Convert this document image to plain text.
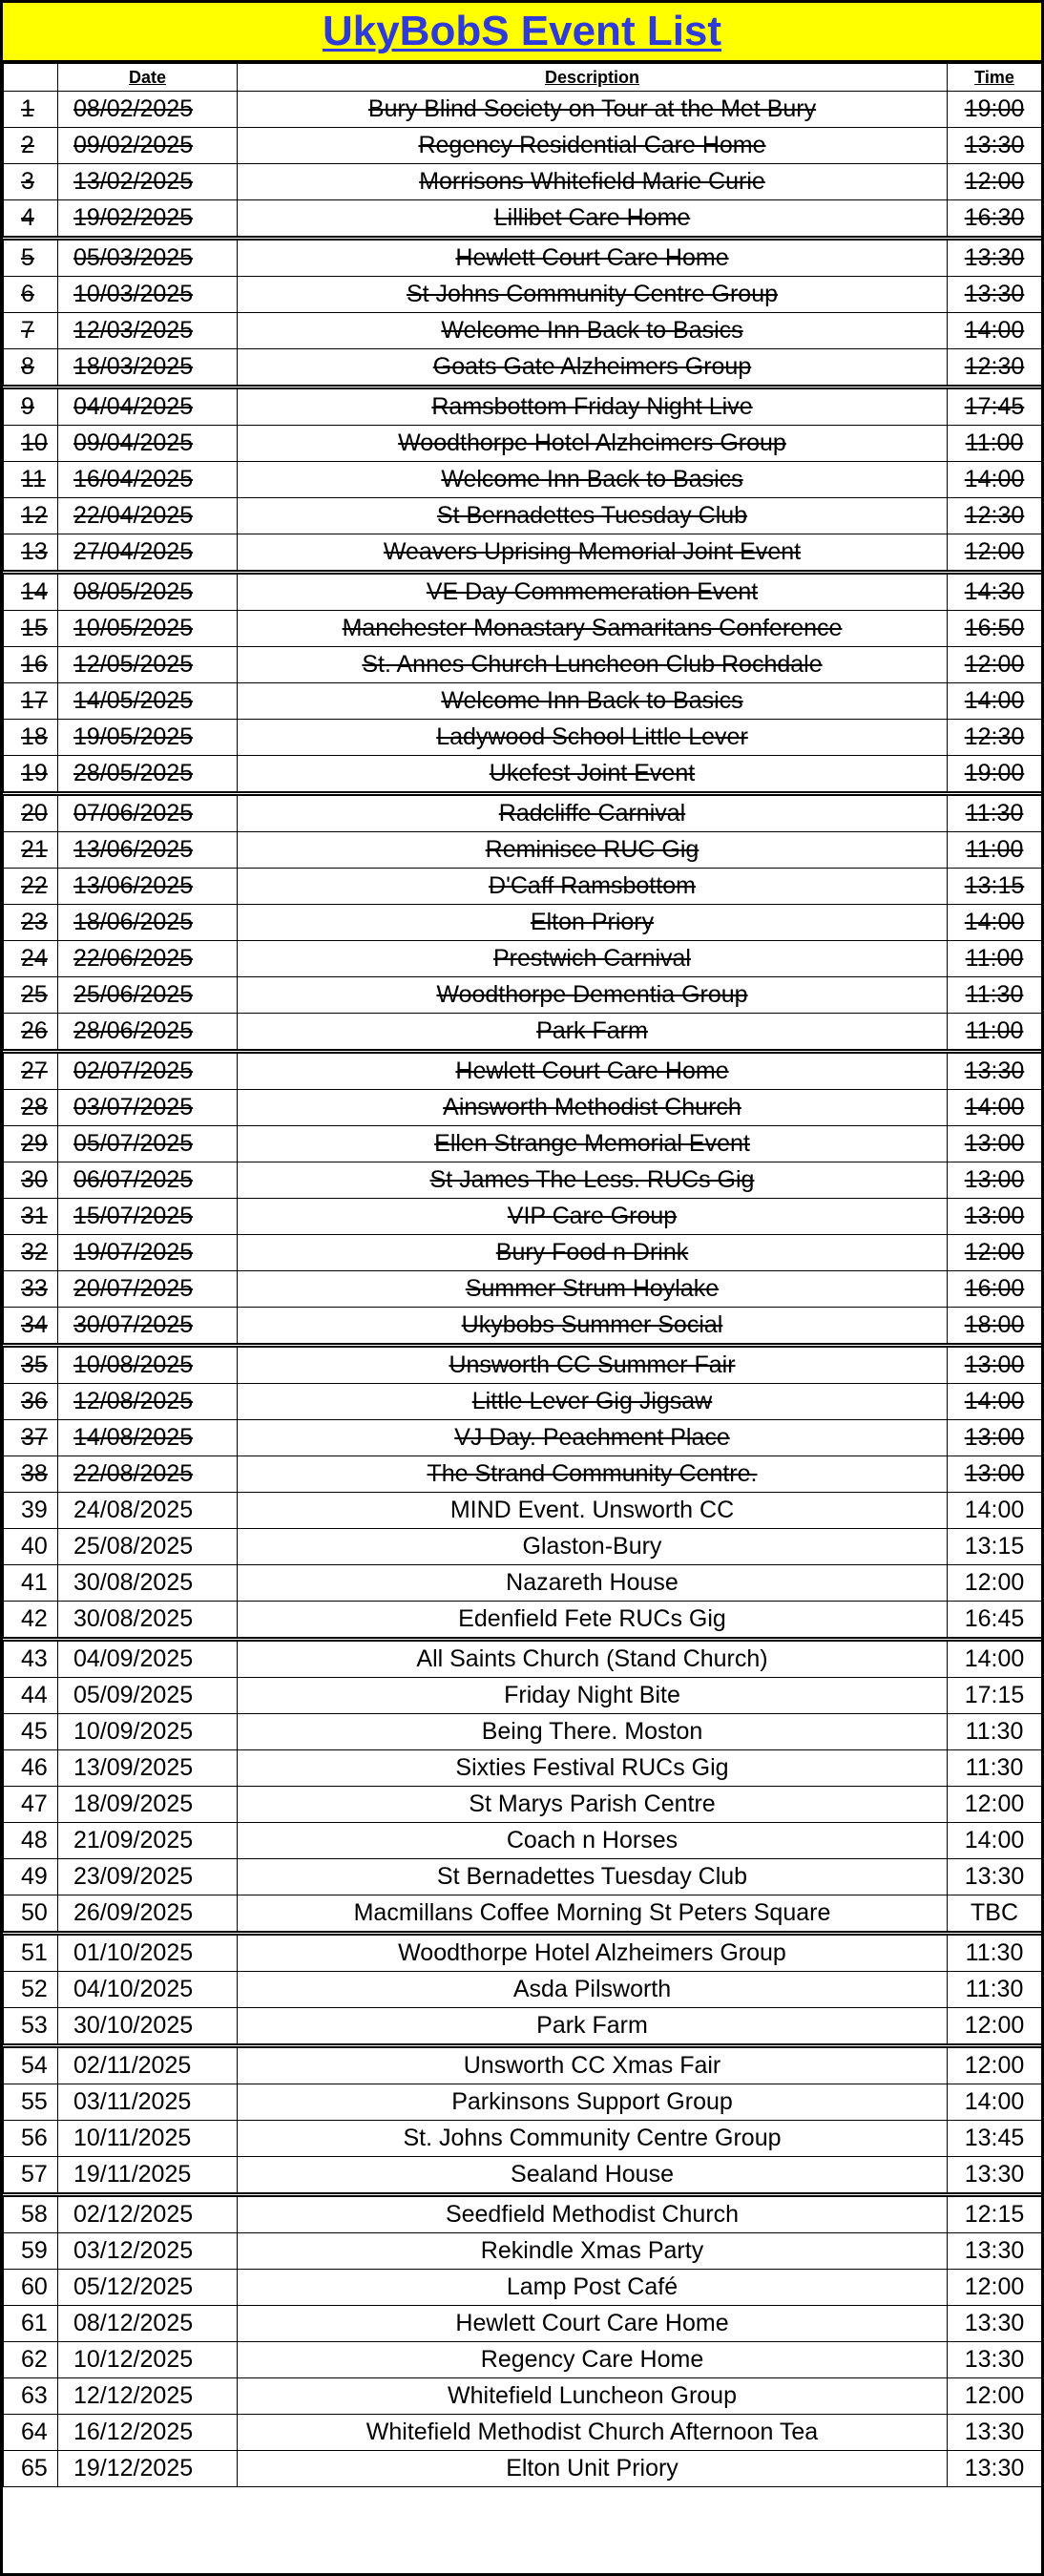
UkyBobS Event List
	Date	Description	Time
1	08/02/2025	Bury Blind Society on Tour at the Met Bury	19:00
2	09/02/2025	Regency Residential Care Home	13:30
3	13/02/2025	Morrisons Whitefield Marie Curie	12:00
4	19/02/2025	Lillibet Care Home	16:30
5	05/03/2025	Hewlett Court Care Home	13:30
6	10/03/2025	St Johns Community Centre Group	13:30
7	12/03/2025	Welcome Inn Back to Basics	14:00
8	18/03/2025	Goats Gate Alzheimers Group	12:30
9	04/04/2025	Ramsbottom Friday Night Live	17:45
10	09/04/2025	Woodthorpe Hotel Alzheimers Group	11:00
11	16/04/2025	Welcome Inn Back to Basics	14:00
12	22/04/2025	St Bernadettes Tuesday Club	12:30
13	27/04/2025	Weavers Uprising Memorial Joint Event	12:00
14	08/05/2025	VE Day Commemeration Event	14:30
15	10/05/2025	Manchester Monastary Samaritans Conference	16:50
16	12/05/2025	St. Annes Church Luncheon Club Rochdale	12:00
17	14/05/2025	Welcome Inn Back to Basics	14:00
18	19/05/2025	Ladywood School Little Lever	12:30
19	28/05/2025	Ukefest Joint Event	19:00
20	07/06/2025	Radcliffe Carnival	11:30
21	13/06/2025	Reminisce RUC Gig	11:00
22	13/06/2025	D'Caff Ramsbottom	13:15
23	18/06/2025	Elton Priory	14:00
24	22/06/2025	Prestwich Carnival	11:00
25	25/06/2025	Woodthorpe Dementia Group	11:30
26	28/06/2025	Park Farm	11:00
27	02/07/2025	Hewlett Court Care Home	13:30
28	03/07/2025	Ainsworth Methodist Church	14:00
29	05/07/2025	Ellen Strange Memorial Event	13:00
30	06/07/2025	St James The Less. RUCs Gig	13:00
31	15/07/2025	VIP Care Group	13:00
32	19/07/2025	Bury Food n Drink	12:00
33	20/07/2025	Summer Strum Hoylake	16:00
34	30/07/2025	Ukybobs Summer Social	18:00
35	10/08/2025	Unsworth CC Summer Fair	13:00
36	12/08/2025	Little Lever Gig Jigsaw	14:00
37	14/08/2025	VJ Day. Peachment Place	13:00
38	22/08/2025	The Strand Community Centre.	13:00
39	24/08/2025	MIND Event. Unsworth CC	14:00
40	25/08/2025	Glaston-Bury	13:15
41	30/08/2025	Nazareth House	12:00
42	30/08/2025	Edenfield Fete RUCs Gig	16:45
43	04/09/2025	All Saints Church (Stand Church)	14:00
44	05/09/2025	Friday Night Bite	17:15
45	10/09/2025	Being There. Moston	11:30
46	13/09/2025	Sixties Festival RUCs Gig	11:30
47	18/09/2025	St Marys Parish Centre	12:00
48	21/09/2025	Coach n Horses	14:00
49	23/09/2025	St Bernadettes Tuesday Club	13:30
50	26/09/2025	Macmillans Coffee Morning St Peters Square	TBC
51	01/10/2025	Woodthorpe Hotel Alzheimers Group	11:30
52	04/10/2025	Asda Pilsworth	11:30
53	30/10/2025	Park Farm	12:00
54	02/11/2025	Unsworth CC Xmas Fair	12:00
55	03/11/2025	Parkinsons Support Group	14:00
56	10/11/2025	St. Johns Community Centre Group	13:45
57	19/11/2025	Sealand House	13:30
58	02/12/2025	Seedfield Methodist Church	12:15
59	03/12/2025	Rekindle Xmas Party	13:30
60	05/12/2025	Lamp Post Café	12:00
61	08/12/2025	Hewlett Court Care Home	13:30
62	10/12/2025	Regency Care Home	13:30
63	12/12/2025	Whitefield Luncheon Group	12:00
64	16/12/2025	Whitefield Methodist Church Afternoon Tea	13:30
65	19/12/2025	Elton Unit Priory	13:30
